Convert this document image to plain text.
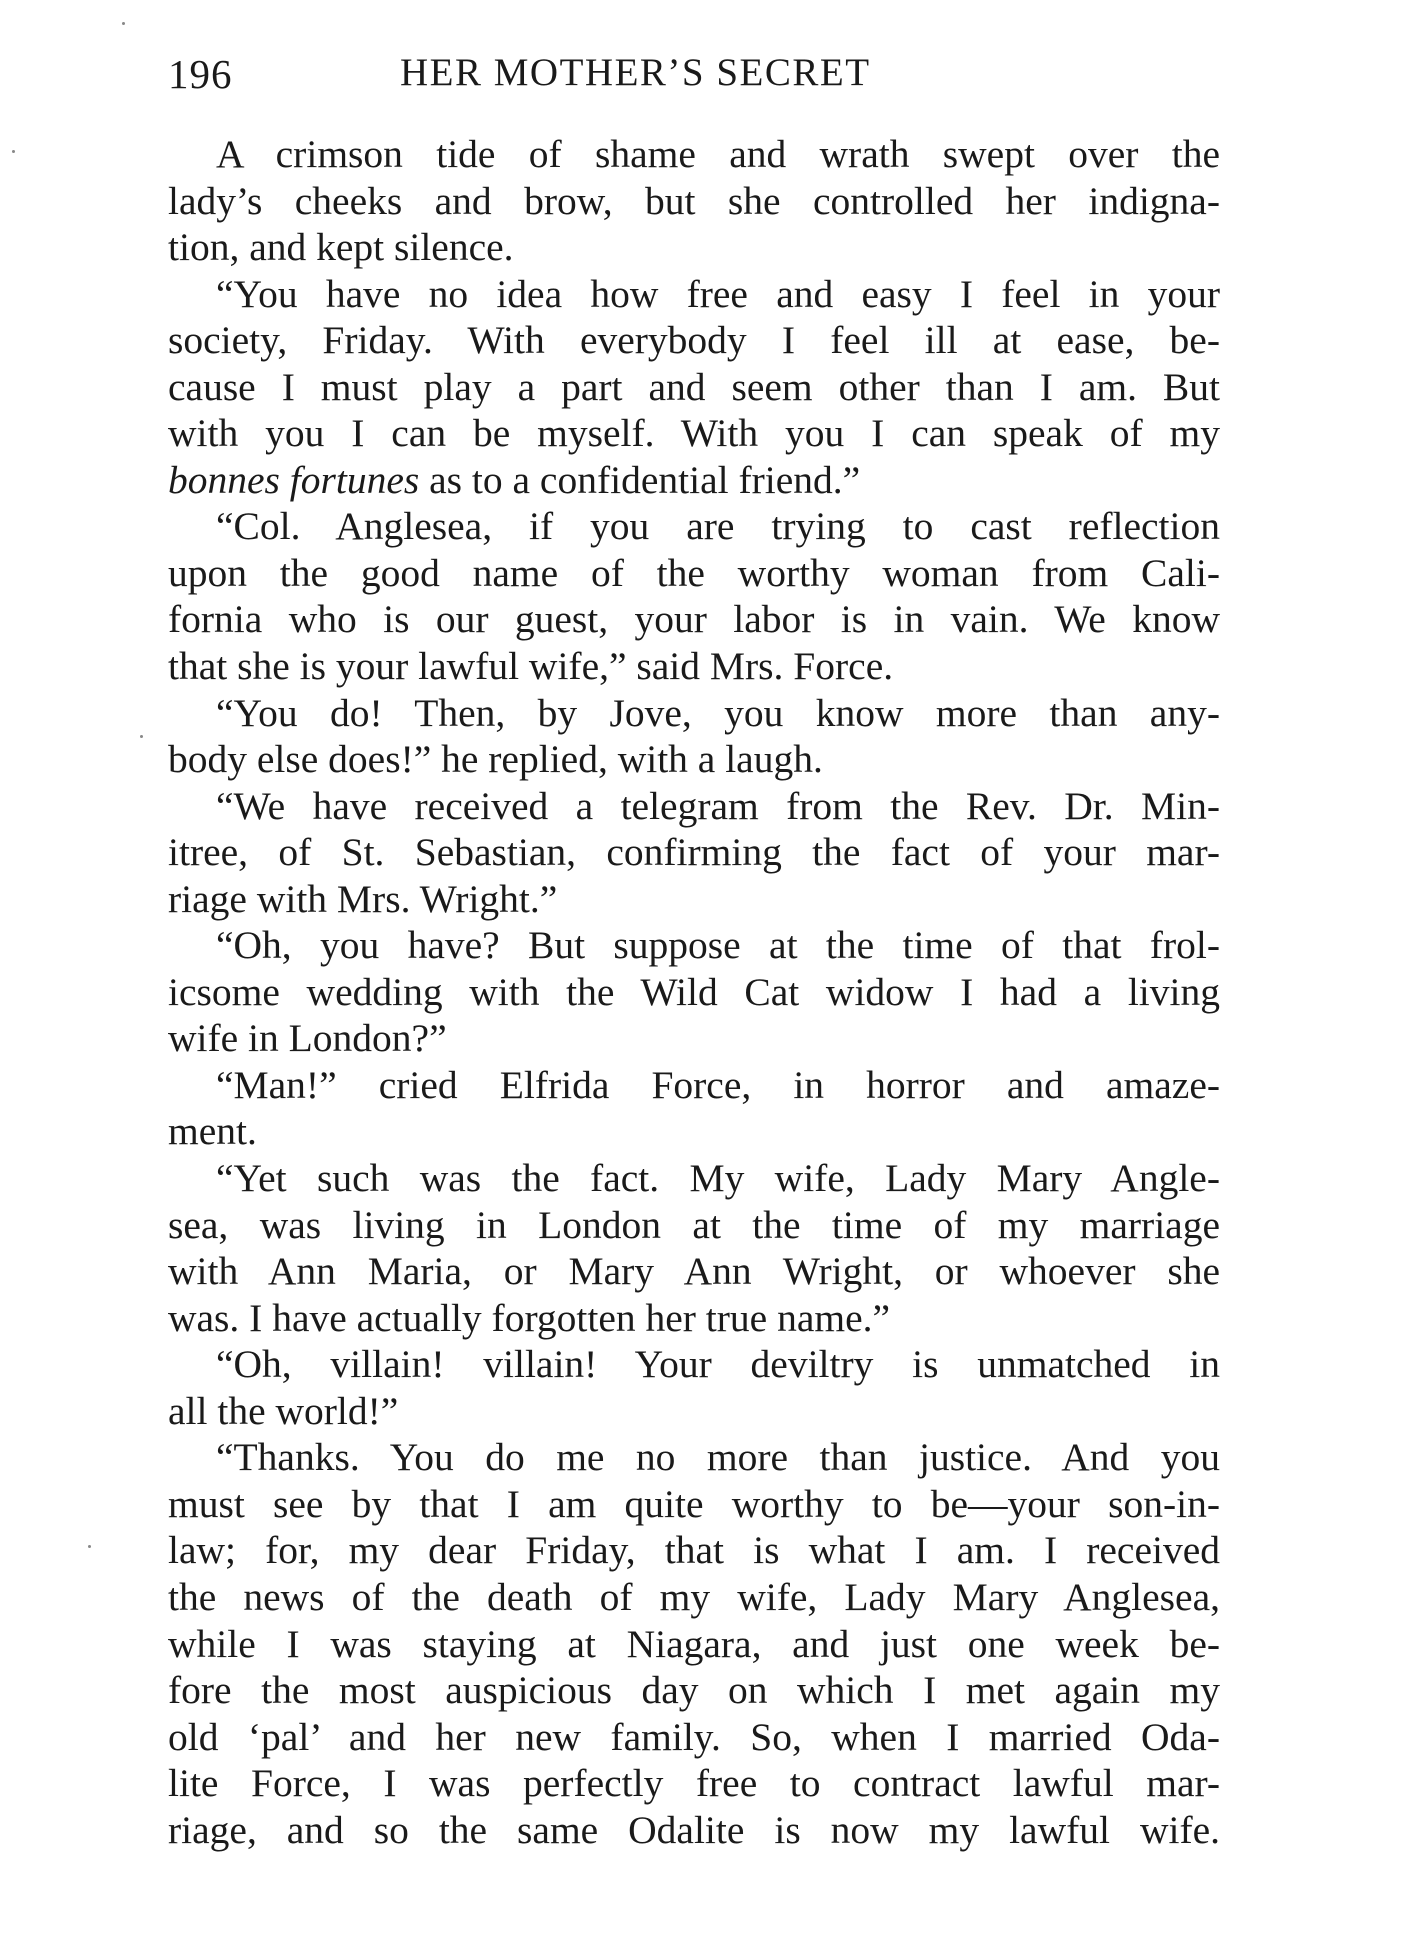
196	HER MOTHER’S SECRET
A crimson tide of shame and wrath swept over the
lady’s cheeks and brow, but she controlled her indigna-
tion, and kept silence.
“You have no idea how free and easy I feel in your
society, Friday. With everybody I feel ill at ease, be-
cause I must play a part and seem other than I am. But
with you I can be myself. With you I can speak of my
bonnes fortunes as to a confidential friend.”
“Col. Anglesea, if you are trying to cast reflection
upon the good name of the worthy woman from Cali-
fornia who is our guest, your labor is in vain. We know
that she is your lawful wife,” said Mrs. Force.
“You do! Then, by Jove, you know more than any-
body else does!” he replied, with a laugh.
“We have received a telegram from the Rev. Dr. Min-
itree, of St. Sebastian, confirming the fact of your mar-
riage with Mrs. Wright.”
“Oh, you have? But suppose at the time of that frol-
icsome wedding with the Wild Cat widow I had a living
wife in London?”
“Man!” cried Elfrida Force, in horror and amaze-
ment.
“Yet such was the fact. My wife, Lady Mary Angle-
sea, was living in London at the time of my marriage
with Ann Maria, or Mary Ann Wright, or whoever she
was. I have actually forgotten her true name.”
“Oh, villain! villain! Your deviltry is unmatched in
all the world!”
“Thanks. You do me no more than justice. And you
must see by that I am quite worthy to be—your son-in-
law; for, my dear Friday, that is what I am. I received
the news of the death of my wife, Lady Mary Anglesea,
while I was staying at Niagara, and just one week be-
fore the most auspicious day on which I met again my
old ‘pal’ and her new family. So, when I married Oda-
lite Force, I was perfectly free to contract lawful mar-
riage, and so the same Odalite is now my lawful wife.
